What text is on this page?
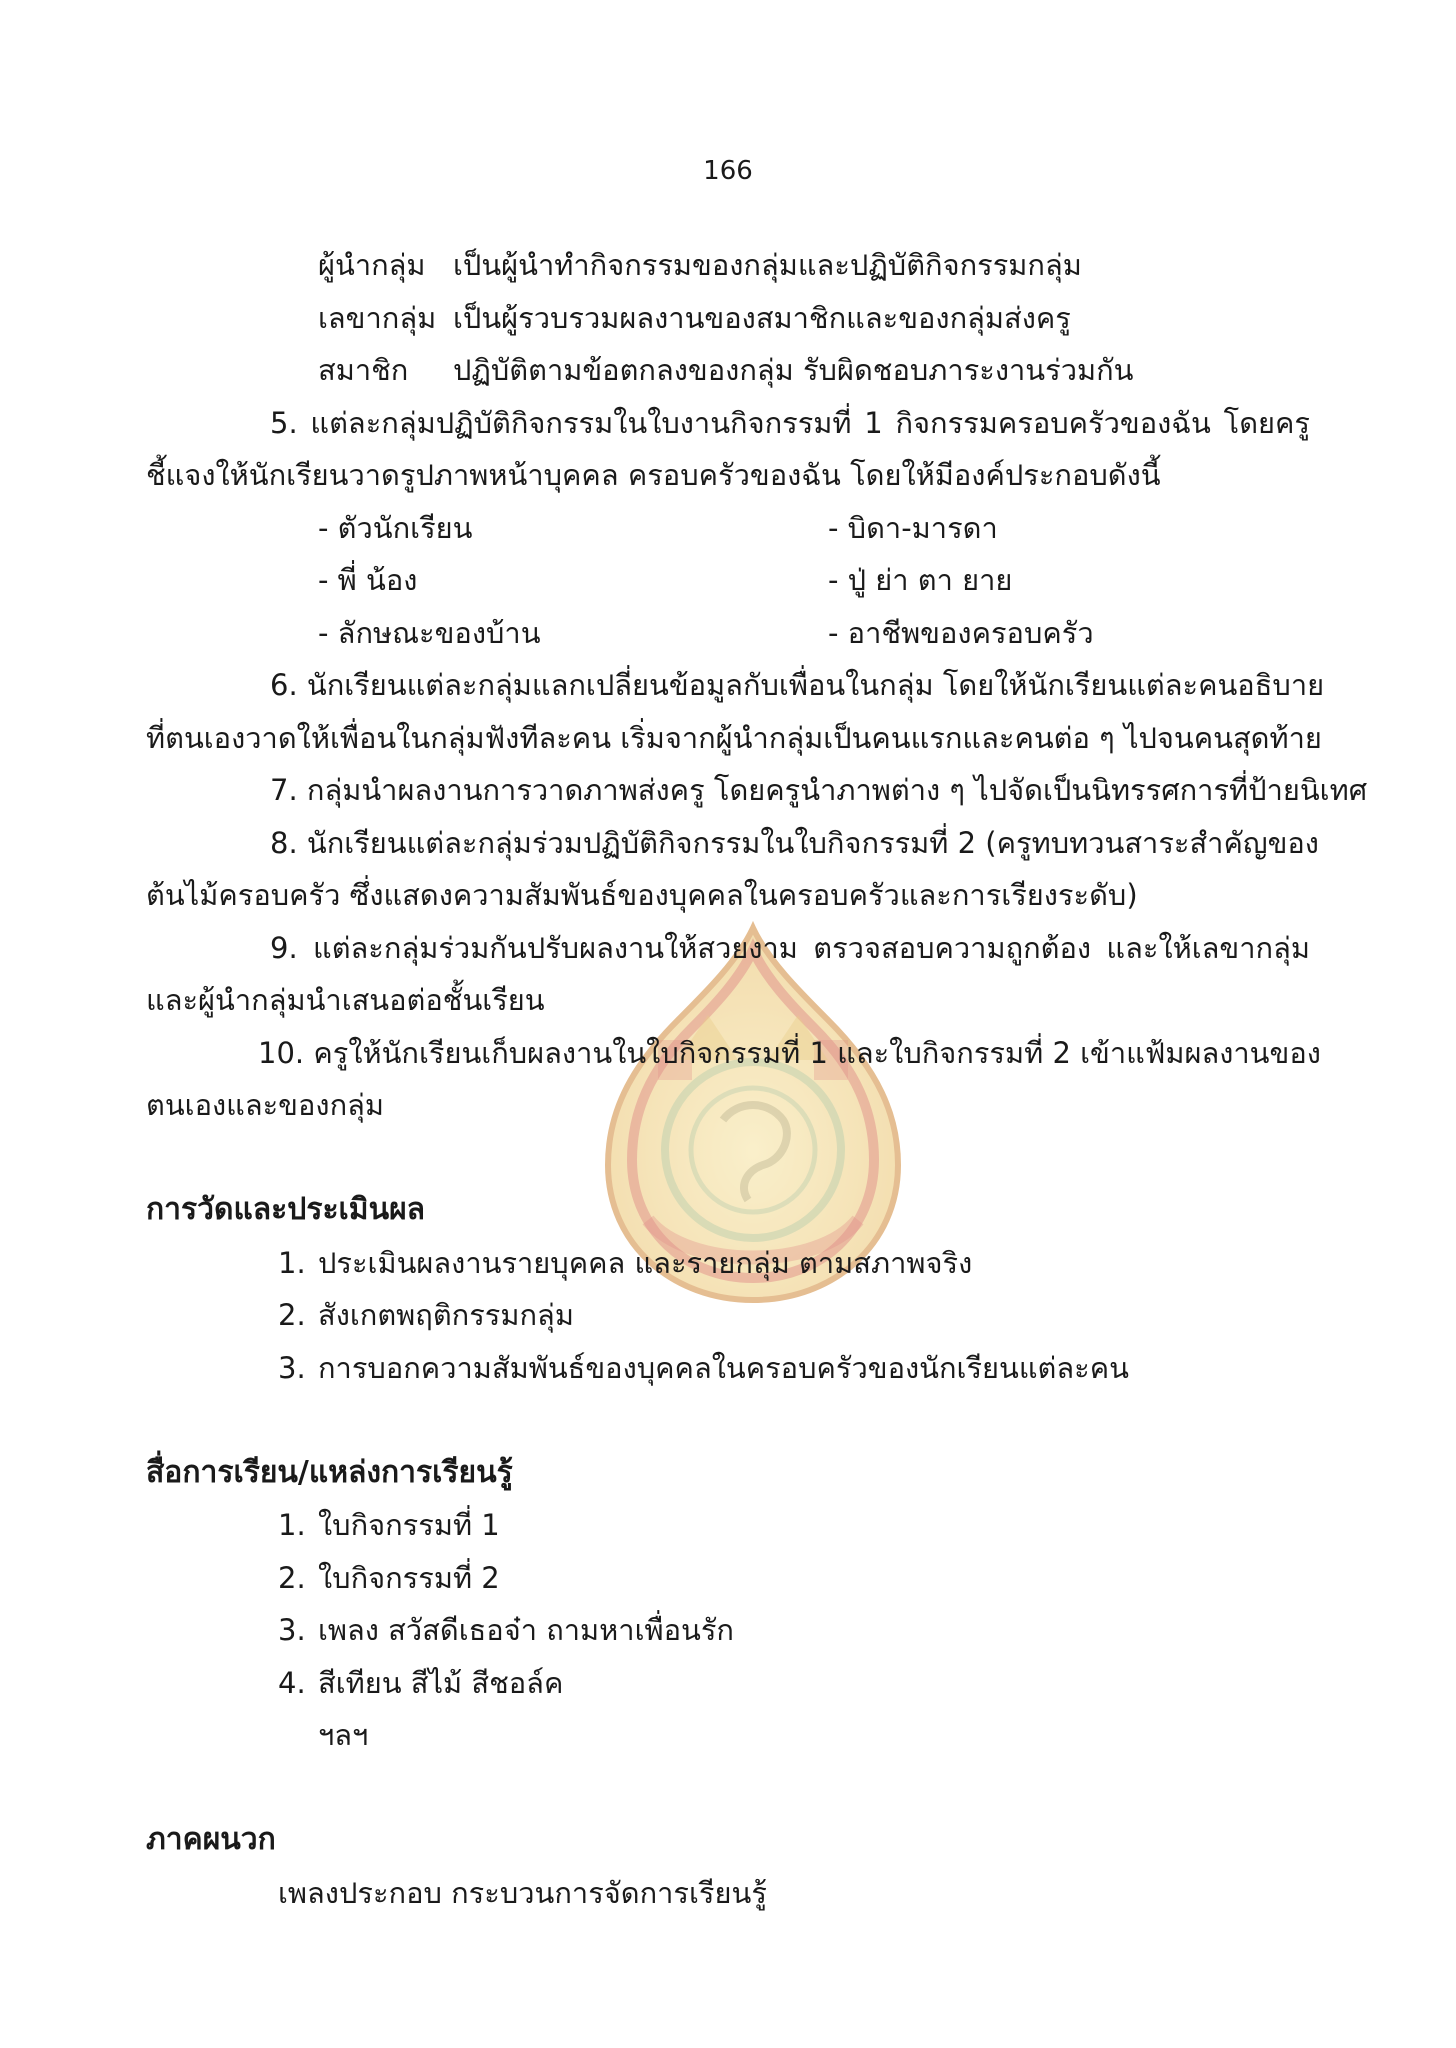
166
ผู้นำกลุ่ม เป็นผู้นำทำกิจกรรมของกลุ่มและปฏิบัติกิจกรรมกลุ่ม
เลขากลุ่ม เป็นผู้รวบรวมผลงานของสมาชิกและของกลุ่มส่งครู
สมาชิก ปฏิบัติตามข้อตกลงของกลุ่ม รับผิดชอบภาระงานร่วมกัน
5. แต่ละกลุ่มปฏิบัติกิจกรรมในใบงานกิจกรรมที่ 1 กิจกรรมครอบครัวของฉัน โดยครู
ชี้แจงให้นักเรียนวาดรูปภาพหน้าบุคคล ครอบครัวของฉัน โดยให้มีองค์ประกอบดังนี้
- ตัวนักเรียน	- บิดา-มารดา
- พี่ น้อง	- ปู่ ย่า ตา ยาย
- ลักษณะของบ้าน	- อาชีพของครอบครัว
6. นักเรียนแต่ละกลุ่มแลกเปลี่ยนข้อมูลกับเพื่อนในกลุ่ม โดยให้นักเรียนแต่ละคนอธิบาย
ที่ตนเองวาดให้เพื่อนในกลุ่มฟังทีละคน เริ่มจากผู้นำกลุ่มเป็นคนแรกและคนต่อ ๆ ไปจนคนสุดท้าย
7. กลุ่มนำผลงานการวาดภาพส่งครู โดยครูนำภาพต่าง ๆ ไปจัดเป็นนิทรรศการที่ป้ายนิเทศ
8. นักเรียนแต่ละกลุ่มร่วมปฏิบัติกิจกรรมในใบกิจกรรมที่ 2 (ครูทบทวนสาระสำคัญของ
ต้นไม้ครอบครัว ซึ่งแสดงความสัมพันธ์ของบุคคลในครอบครัวและการเรียงระดับ)
9. แต่ละกลุ่มร่วมกันปรับผลงานให้สวยงาม ตรวจสอบความถูกต้อง และให้เลขากลุ่ม
และผู้นำกลุ่มนำเสนอต่อชั้นเรียน
10. ครูให้นักเรียนเก็บผลงานในใบกิจกรรมที่ 1 และใบกิจกรรมที่ 2 เข้าแฟ้มผลงานของ
ตนเองและของกลุ่ม
การวัดและประเมินผล
1. ประเมินผลงานรายบุคคล และรายกลุ่ม ตามสภาพจริง
2. สังเกตพฤติกรรมกลุ่ม
3. การบอกความสัมพันธ์ของบุคคลในครอบครัวของนักเรียนแต่ละคน
สื่อการเรียน/แหล่งการเรียนรู้
1. ใบกิจกรรมที่ 1
2. ใบกิจกรรมที่ 2
3. เพลง สวัสดีเธอจ๋า ถามหาเพื่อนรัก
4. สีเทียน สีไม้ สีชอล์ค
ฯลฯ
ภาคผนวก
เพลงประกอบ กระบวนการจัดการเรียนรู้
